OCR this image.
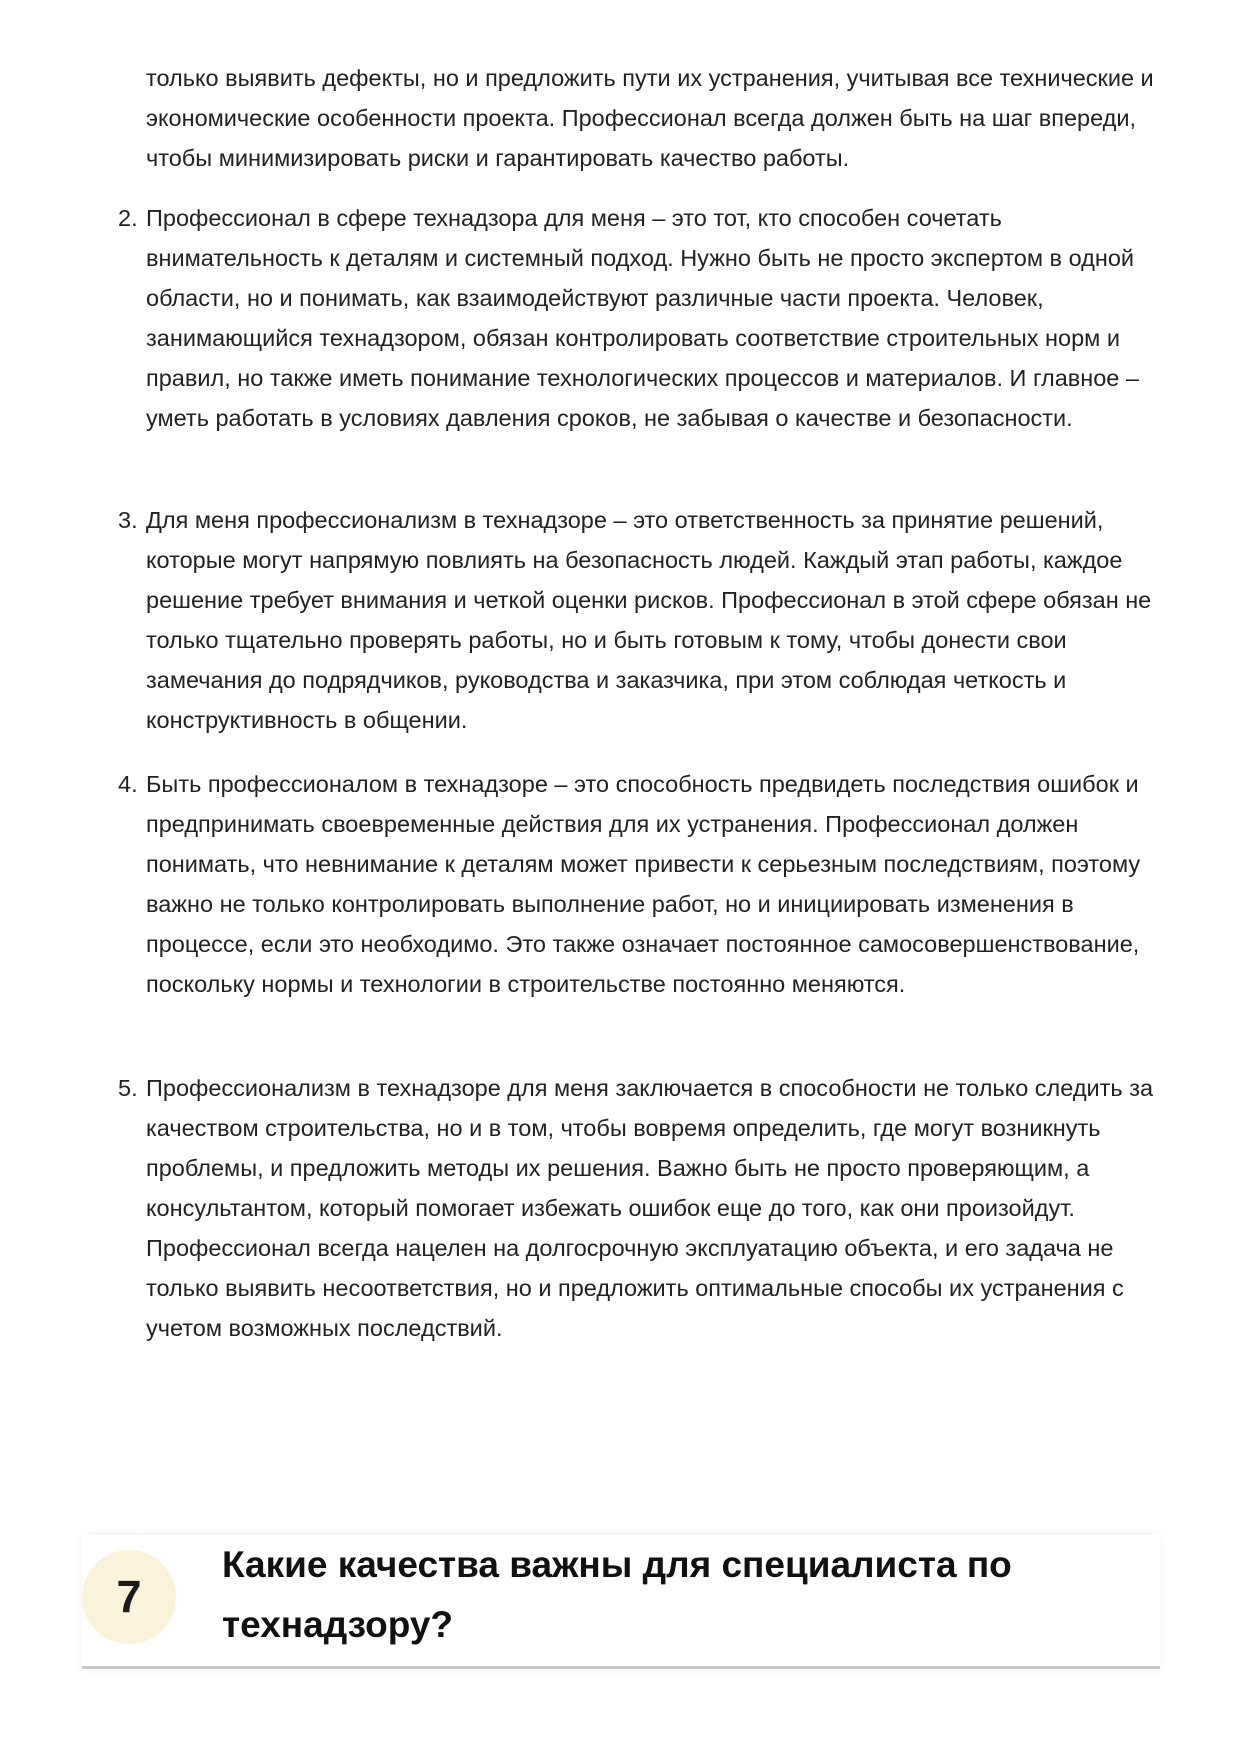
только выявить дефекты, но и предложить пути их устранения, учитывая все технические и экономические особенности проекта. Профессионал всегда должен быть на шаг впереди, чтобы минимизировать риски и гарантировать качество работы.

2. Профессионал в сфере технадзора для меня – это тот, кто способен сочетать внимательность к деталям и системный подход. Нужно быть не просто экспертом в одной области, но и понимать, как взаимодействуют различные части проекта. Человек, занимающийся технадзором, обязан контролировать соответствие строительных норм и правил, но также иметь понимание технологических процессов и материалов. И главное – уметь работать в условиях давления сроков, не забывая о качестве и безопасности.
3. Для меня профессионализм в технадзоре – это ответственность за принятие решений, которые могут напрямую повлиять на безопасность людей. Каждый этап работы, каждое решение требует внимания и четкой оценки рисков. Профессионал в этой сфере обязан не только тщательно проверять работы, но и быть готовым к тому, чтобы донести свои замечания до подрядчиков, руководства и заказчика, при этом соблюдая четкость и конструктивность в общении.
4. Быть профессионалом в технадзоре – это способность предвидеть последствия ошибок и предпринимать своевременные действия для их устранения. Профессионал должен понимать, что невнимание к деталям может привести к серьезным последствиям, поэтому важно не только контролировать выполнение работ, но и инициировать изменения в процессе, если это необходимо. Это также означает постоянное самосовершенствование, поскольку нормы и технологии в строительстве постоянно меняются.
5. Профессионализм в технадзоре для меня заключается в способности не только следить за качеством строительства, но и в том, чтобы вовремя определить, где могут возникнуть проблемы, и предложить методы их решения. Важно быть не просто проверяющим, а консультантом, который помогает избежать ошибок еще до того, как они произойдут. Профессионал всегда нацелен на долгосрочную эксплуатацию объекта, и его задача не только выявить несоответствия, но и предложить оптимальные способы их устранения с учетом возможных последствий.
7
Какие качества важны для специалиста по технадзору?
